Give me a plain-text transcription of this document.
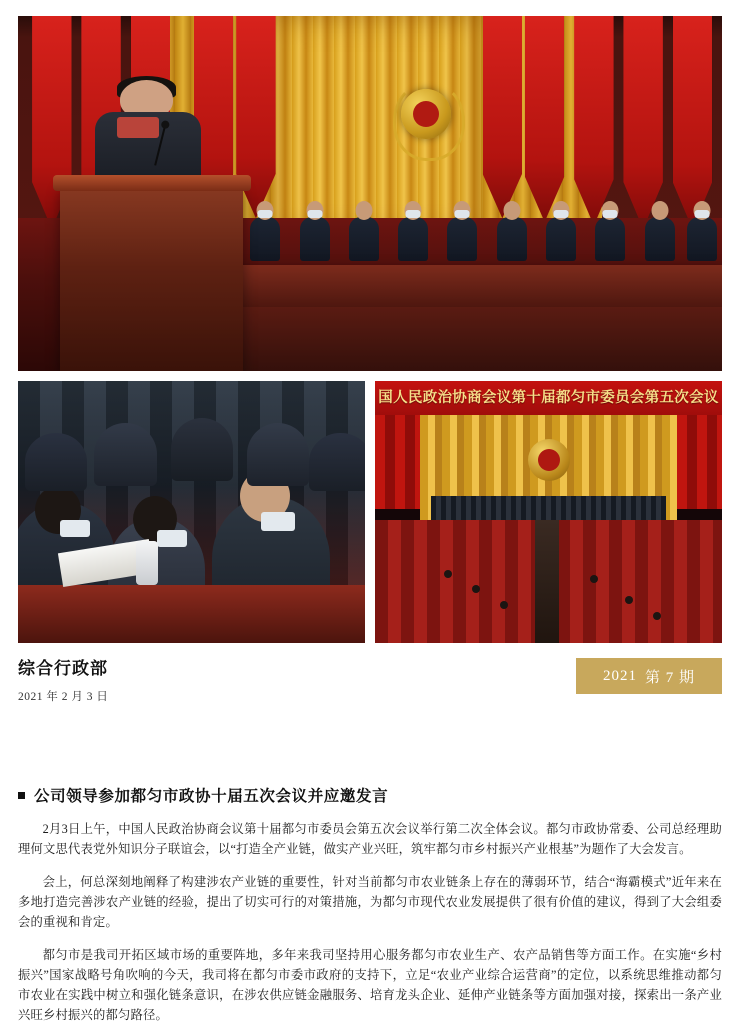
国人民政治协商会议第十届都匀市委员会第五次会议
综合行政部
2021 年 2 月 3 日
2021 第 7 期
公司领导参加都匀市政协十届五次会议并应邀发言

2月3日上午，中国人民政治协商会议第十届都匀市委员会第五次会议举行第二次全体会议。都匀市政协常委、公司总经理助理何文思代表党外知识分子联谊会，以“打造全产业链，做实产业兴旺，筑牢都匀市乡村振兴产业根基”为题作了大会发言。

会上，何总深刻地阐释了构建涉农产业链的重要性，针对当前都匀市农业链条上存在的薄弱环节，结合“海霸模式”近年来在多地打造完善涉农产业链的经验，提出了切实可行的对策措施，为都匀市现代农业发展提供了很有价值的建议，得到了大会组委会的重视和肯定。

都匀市是我司开拓区域市场的重要阵地，多年来我司坚持用心服务都匀市农业生产、农产品销售等方面工作。在实施“乡村振兴”国家战略号角吹响的今天，我司将在都匀市委市政府的支持下，立足“农业产业综合运营商”的定位，以系统思维推动都匀市农业在实践中树立和强化链条意识，在涉农供应链金融服务、培育龙头企业、延伸产业链条等方面加强对接，探索出一条产业兴旺乡村振兴的都匀路径。
